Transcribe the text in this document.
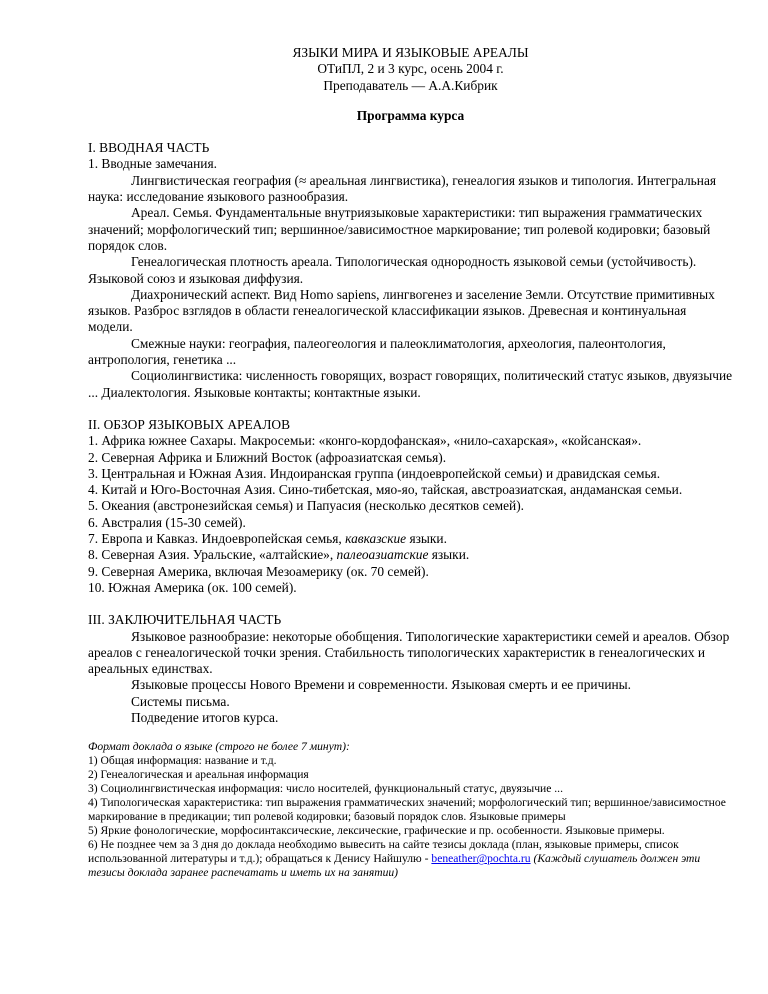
ЯЗЫКИ МИРА И ЯЗЫКОВЫЕ АРЕАЛЫ

ОТиПЛ, 2 и 3 курс, осень 2004 г.

Преподаватель — А.А.Кибрик

Программа курса

I. ВВОДНАЯ ЧАСТЬ

1. Вводные замечания.

Лингвистическая география (≈ ареальная лингвистика), генеалогия языков и типология. Интегральная наука: исследование языкового разнообразия.

Ареал. Семья. Фундаментальные внутриязыковые характеристики: тип выражения грамматических значений; морфологический тип; вершинное/зависимостное маркирование; тип ролевой кодировки; базовый порядок слов.

Генеалогическая плотность ареала. Типологическая однородность языковой семьи (устойчивость). Языковой союз и языковая диффузия.

Диахронический аспект. Вид Homo sapiens, лингвогенез и заселение Земли. Отсутствие примитивных языков. Разброс взглядов в области генеалогической классификации языков. Древесная и континуальная модели.

Смежные науки: география, палеогеология и палеоклиматология, археология, палеонтология, антропология, генетика ...

Социолингвистика: численность говорящих, возраст говорящих, политический статус языков, двуязычие ... Диалектология. Языковые контакты; контактные языки.

II. ОБЗОР ЯЗЫКОВЫХ АРЕАЛОВ

1. Африка южнее Сахары. Макросемьи: «конго-кордофанская», «нило-сахарская», «койсанская».

2. Северная Африка и Ближний Восток (афроазиатская семья).

3. Центральная и Южная Азия. Индоиранская группа (индоевропейской семьи) и дравидская семья.

4. Китай и Юго-Восточная Азия. Сино-тибетская, мяо-яо, тайская, австроазиатская, андаманская семьи.

5. Океания (австронезийская семья) и Папуасия (несколько десятков семей).

6. Австралия (15-30 семей).

7. Европа и Кавказ. Индоевропейская семья, кавказские языки.

8. Северная Азия. Уральские, «алтайские», палеоазиатские языки.

9. Северная Америка, включая Мезоамерику (ок. 70 семей).

10. Южная Америка (ок. 100 семей).

III. ЗАКЛЮЧИТЕЛЬНАЯ ЧАСТЬ

Языковое разнообразие: некоторые обобщения. Типологические характеристики семей и ареалов. Обзор ареалов с генеалогической точки зрения. Стабильность типологических характеристик в генеалогических и ареальных единствах.

Языковые процессы Нового Времени и современности. Языковая смерть и ее причины.

Системы письма.

Подведение итогов курса.

Формат доклада о языке (строго не более 7 минут):

1) Общая информация: название и т.д.

2) Генеалогическая и ареальная информация

3) Социолингвистическая информация: число носителей, функциональный статус, двуязычие ...

4) Типологическая характеристика: тип выражения грамматических значений; морфологический тип; вершинное/зависимостное маркирование в предикации; тип ролевой кодировки; базовый порядок слов. Языковые примеры

5) Яркие фонологические, морфосинтаксические, лексические, графические и пр. особенности. Языковые примеры.

6) Не позднее чем за 3 дня до доклада необходимо вывесить на сайте тезисы доклада (план, языковые примеры, список использованной литературы и т.д.); обращаться к Денису Найшулю - beneather@pochta.ru (Каждый слушатель должен эти тезисы доклада заранее распечатать и иметь их на занятии)
